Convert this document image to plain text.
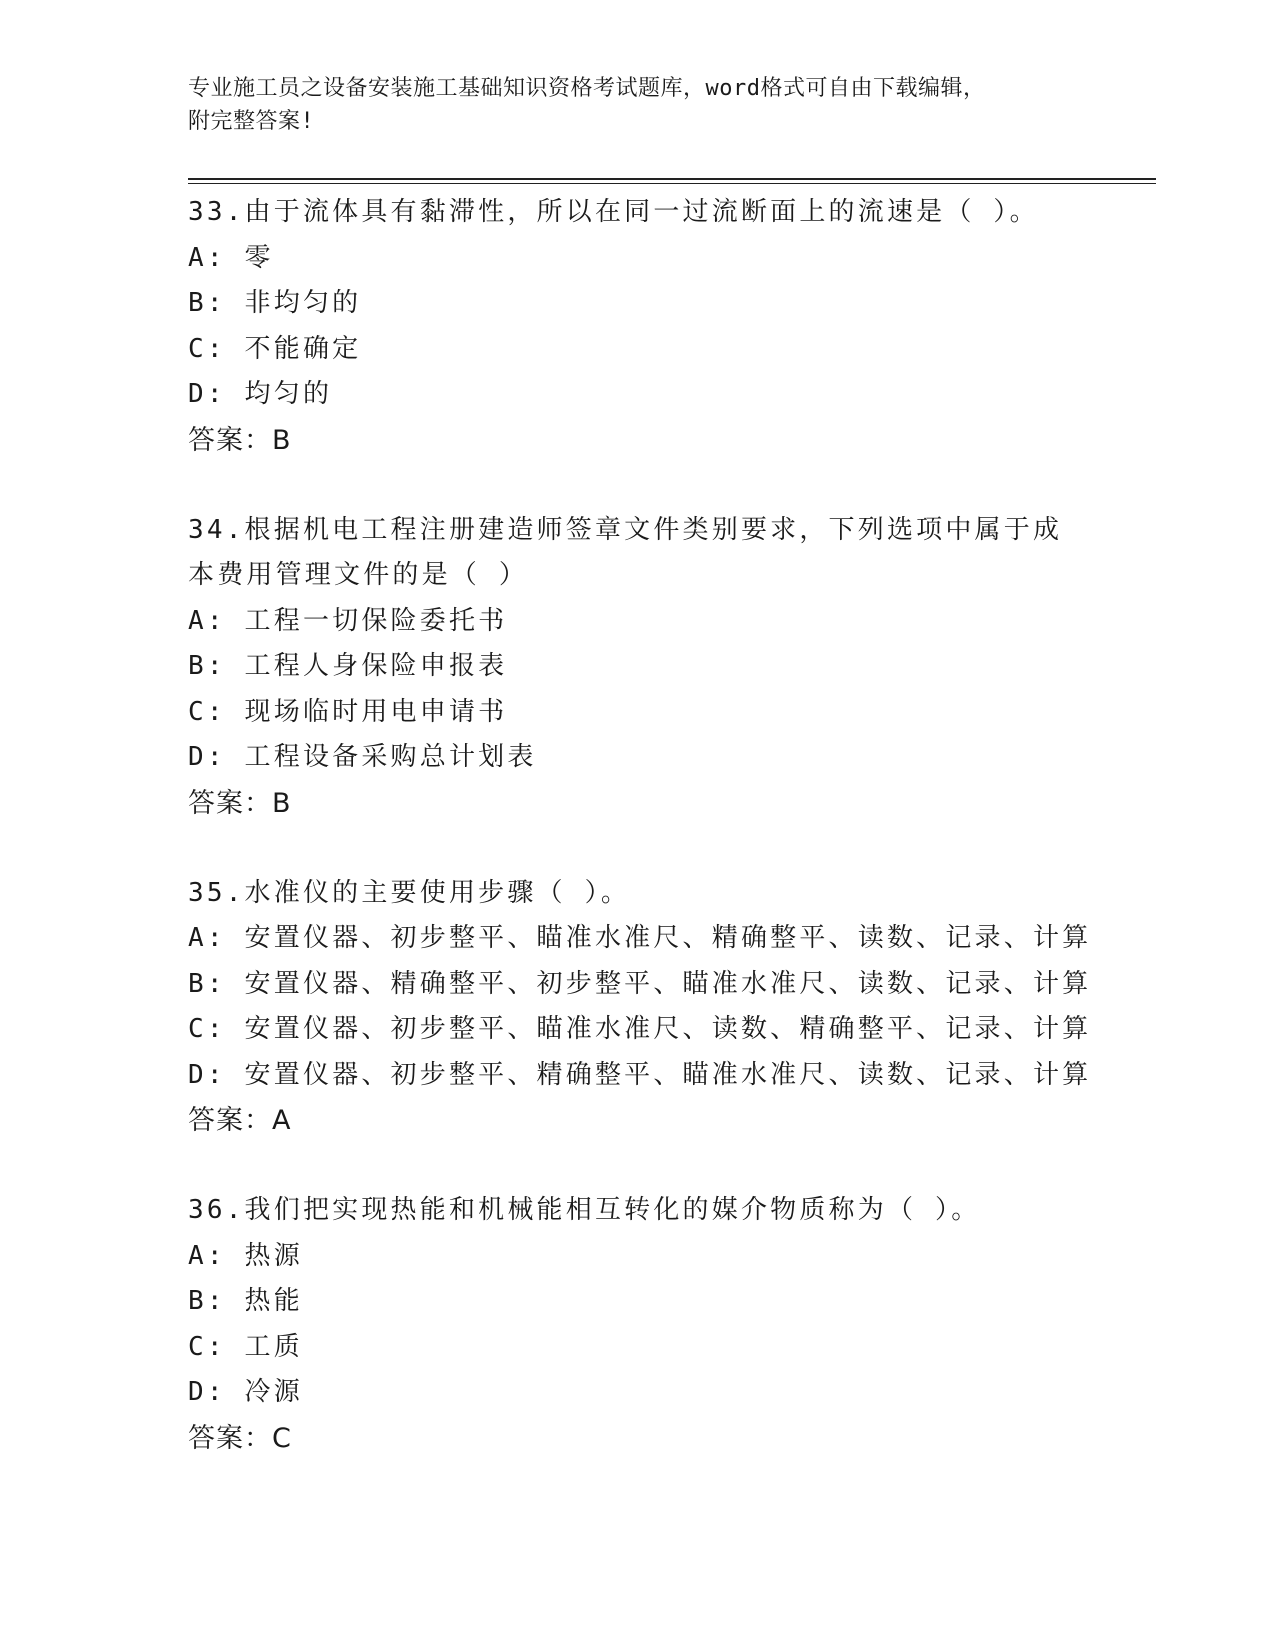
专业施工员之设备安装施工基础知识资格考试题库，word格式可自由下载编辑，
附完整答案!
33.由于流体具有黏滞性，所以在同一过流断面上的流速是（ ）。
A: 零
B: 非均匀的
C: 不能确定
D: 均匀的
答案：B
34.根据机电工程注册建造师签章文件类别要求，下列选项中属于成本费用管理文件的是（ ）
A: 工程一切保险委托书
B: 工程人身保险申报表
C: 现场临时用电申请书
D: 工程设备采购总计划表
答案：B
35.水准仪的主要使用步骤（ ）。
A: 安置仪器、初步整平、瞄准水准尺、精确整平、读数、记录、计算
B: 安置仪器、精确整平、初步整平、瞄准水准尺、读数、记录、计算
C: 安置仪器、初步整平、瞄准水准尺、读数、精确整平、记录、计算
D: 安置仪器、初步整平、精确整平、瞄准水准尺、读数、记录、计算
答案：A
36.我们把实现热能和机械能相互转化的媒介物质称为（ ）。
A: 热源
B: 热能
C: 工质
D: 冷源
答案：C
